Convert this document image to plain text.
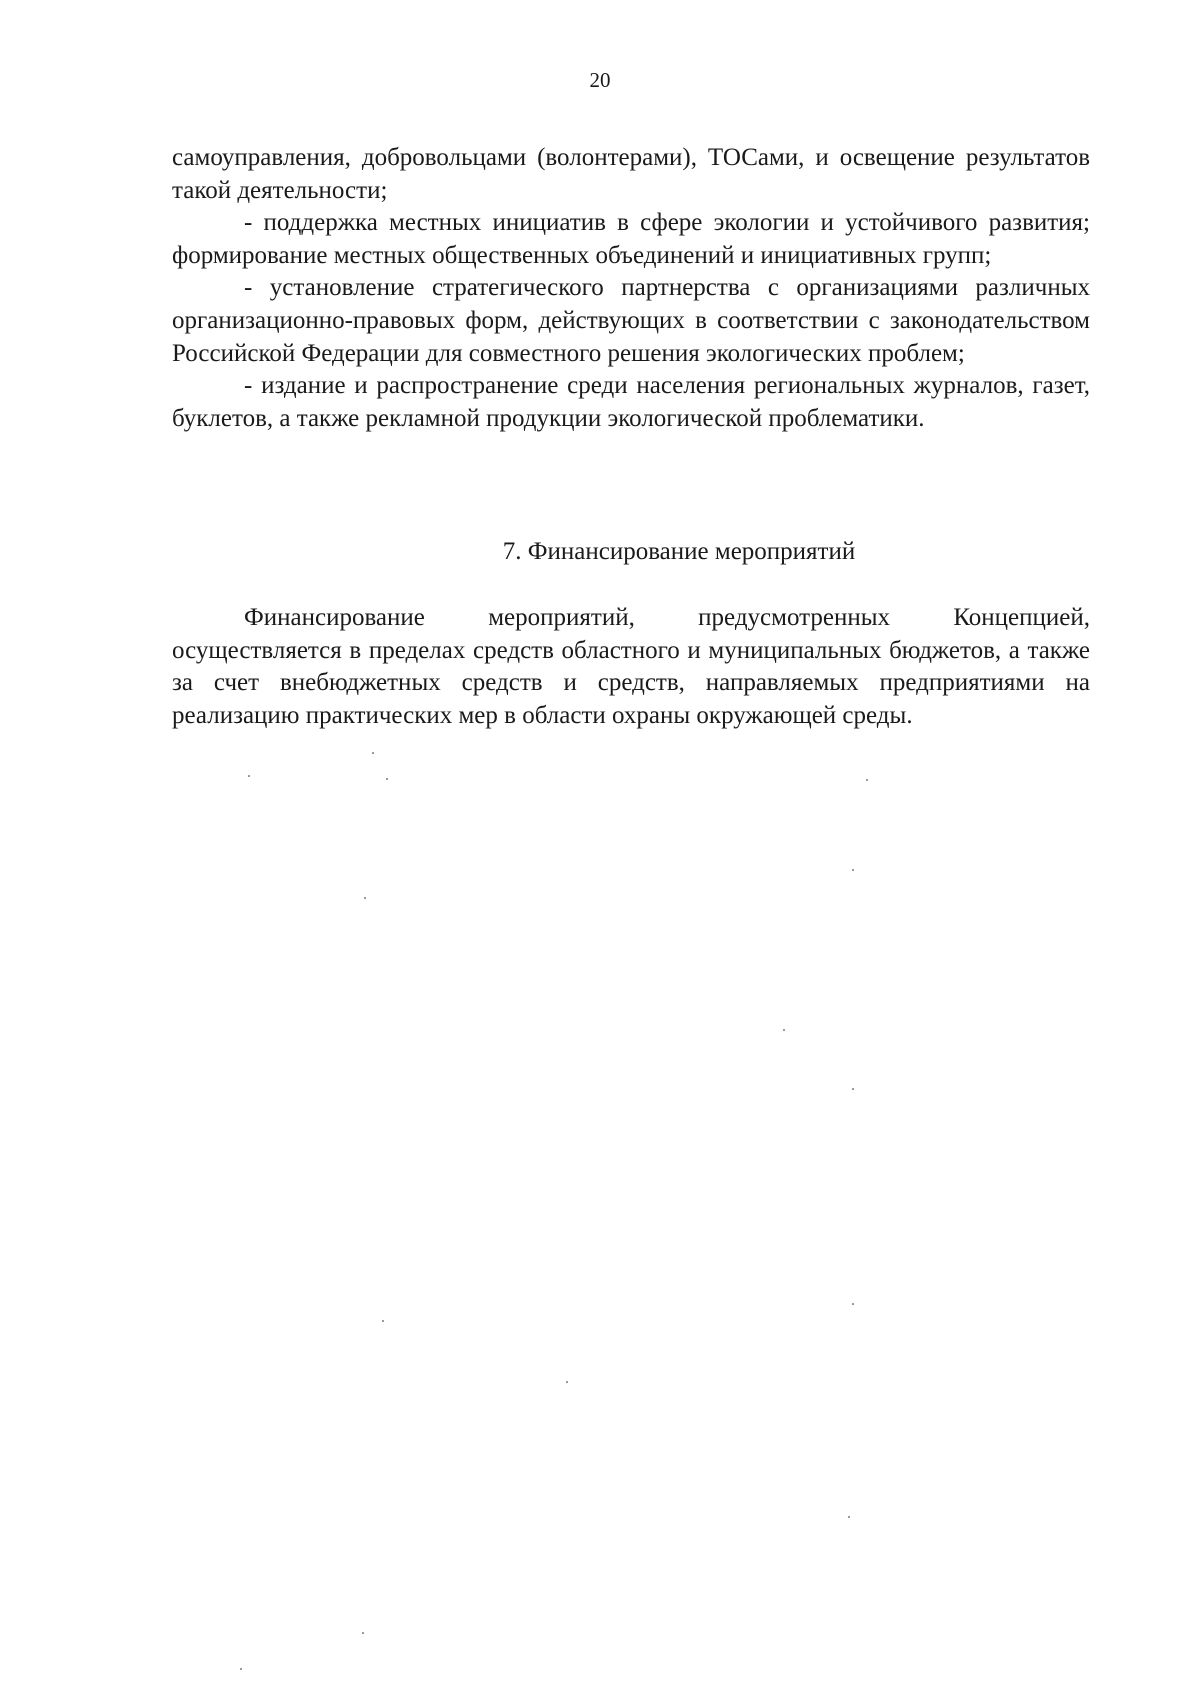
20

самоуправления, добровольцами (волонтерами), ТОСами, и освещение результатов такой деятельности;

- поддержка местных инициатив в сфере экологии и устойчивого развития; формирование местных общественных объединений и инициативных групп;

- установление стратегического партнерства с организациями различных организационно-правовых форм, действующих в соответствии с законодательством Российской Федерации для совместного решения экологических проблем;

- издание и распространение среди населения региональных журналов, газет, буклетов, а также рекламной продукции экологической проблематики.

7. Финансирование мероприятий

Финансирование мероприятий, предусмотренных Концепцией, осуществляется в пределах средств областного и муниципальных бюджетов, а также за счет внебюджетных средств и средств, направляемых предприятиями на реализацию практических мер в области охраны окружающей среды.
